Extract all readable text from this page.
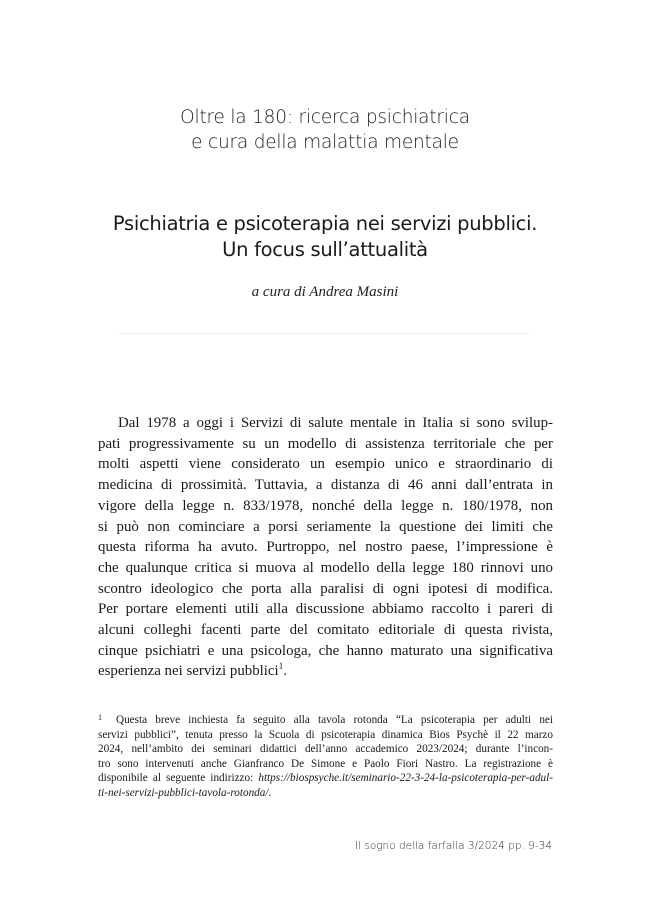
Oltre la 180: ricerca psichiatrica
e cura della malattia mentale
Psichiatria e psicoterapia nei servizi pubblici.
Un focus sull’attualità
a cura di Andrea Masini
Dal 1978 a oggi i Servizi di salute mentale in Italia si sono svilup-
pati progressivamente su un modello di assistenza territoriale che per
molti aspetti viene considerato un esempio unico e straordinario di
medicina di prossimità. Tuttavia, a distanza di 46 anni dall’entrata in
vigore della legge n. 833/1978, nonché della legge n. 180/1978, non
si può non cominciare a porsi seriamente la questione dei limiti che
questa riforma ha avuto. Purtroppo, nel nostro paese, l’impressione è
che qualunque critica si muova al modello della legge 180 rinnovi uno
scontro ideologico che porta alla paralisi di ogni ipotesi di modifica.
Per portare elementi utili alla discussione abbiamo raccolto i pareri di
alcuni colleghi facenti parte del comitato editoriale di questa rivista,
cinque psichiatri e una psicologa, che hanno maturato una significativa
esperienza nei servizi pubblici$^1$.
1 Questa breve inchiesta fa seguito alla tavola rotonda “La psicoterapia per adulti nei
servizi pubblici”, tenuta presso la Scuola di psicoterapia dinamica Bios Psychè il 22 marzo
2024, nell’ambito dei seminari didattici dell’anno accademico 2023/2024; durante l’incon-
tro sono intervenuti anche Gianfranco De Simone e Paolo Fiori Nastro. La registrazione è
disponibile al seguente indirizzo: https://biospsyche.it/seminario-22-3-24-la-psicoterapia-per-adul-
ti-nei-servizi-pubblici-tavola-rotonda/.
Il sogno della farfalla 3/2024 pp. 9-34
